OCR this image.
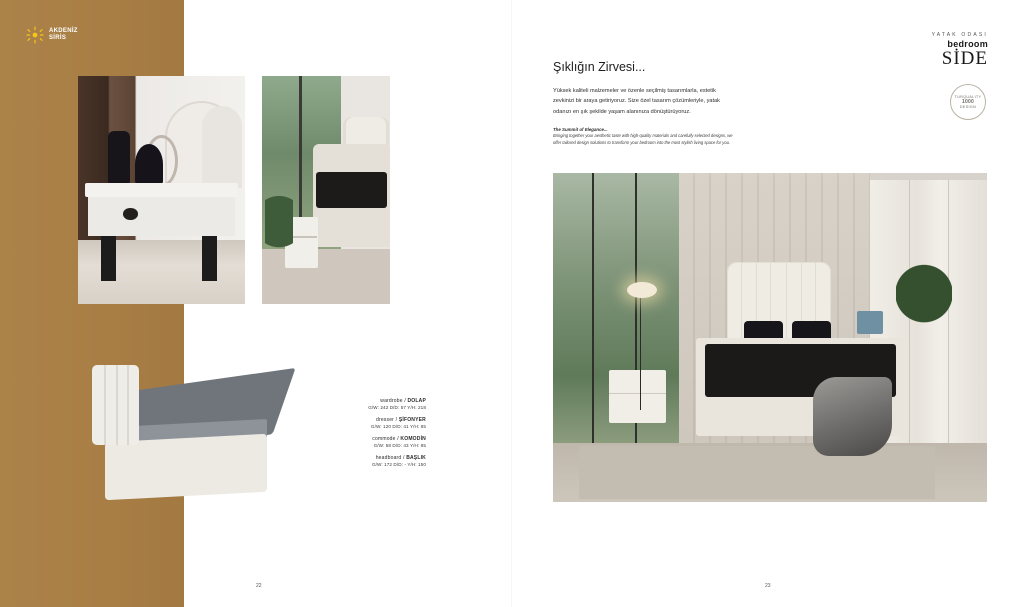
AKDENİZ
SİRİS
wardrobe / DOLAP
G/W: 242 D/D: 57 Y/H: 218
dresser / ŞİFONYER
G/W: 120 D/D: 41 Y/H: 85
commode / KOMODİN
G/W: 58 D/D: 43 Y/H: 85
headboard / BAŞLIK
G/W: 172 D/D: - Y/H: 150
YATAK ODASI
bedroom
SİDE
TURQUALITY
1000
DESIGN
Şıklığın Zirvesi...
Yüksek kaliteli malzemeler ve özenle seçilmiş tasarımlarla, estetik zevkinizi bir araya getiriyoruz. Size özel tasarım çözümleriyle, yatak odanızı en şık şekilde yaşam alanınıza dönüştürüyoruz.
The Summit of Elegance...
Bringing together your aesthetic taste with high-quality materials and carefully selected designs, we offer tailored design solutions to transform your bedroom into the most stylish living space for you.
22	23
